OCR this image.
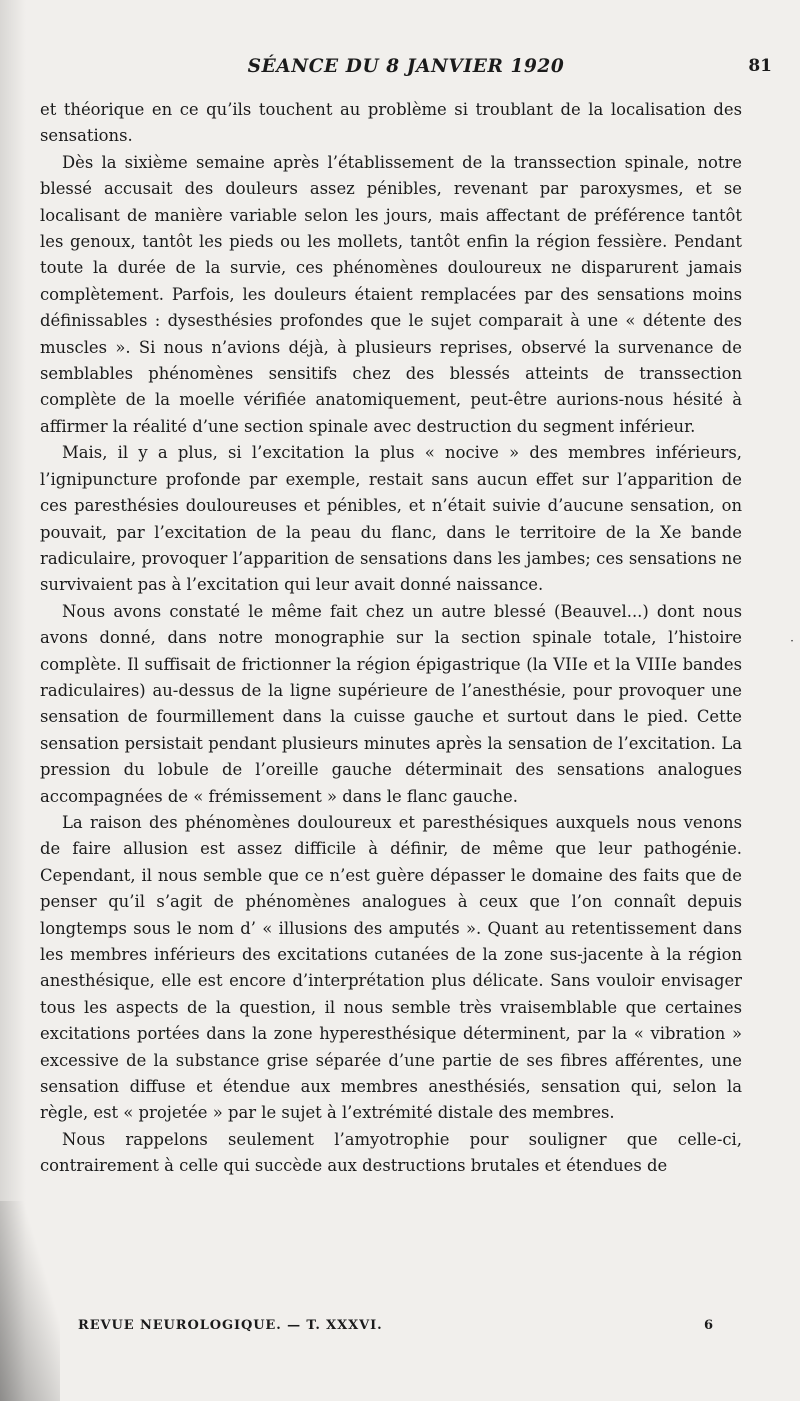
SÉANCE DU 8 JANVIER 1920	81

et théorique en ce qu’ils touchent au problème si troublant de la localisation des sensations.

Dès la sixième semaine après l’établissement de la transsection spinale, notre blessé accusait des douleurs assez pénibles, revenant par paroxysmes, et se localisant de manière variable selon les jours, mais affectant de préférence tantôt les genoux, tantôt les pieds ou les mollets, tantôt enfin la région fessière. Pendant toute la durée de la survie, ces phénomènes douloureux ne disparurent jamais complètement. Parfois, les douleurs étaient remplacées par des sensations moins définissables : dysesthésies profondes que le sujet comparait à une « détente des muscles ». Si nous n’avions déjà, à plusieurs reprises, observé la survenance de semblables phénomènes sensitifs chez des blessés atteints de transsection complète de la moelle vérifiée anatomiquement, peut-être aurions-nous hésité à affirmer la réalité d’une section spinale avec destruction du segment inférieur.

Mais, il y a plus, si l’excitation la plus « nocive » des membres inférieurs, l’ignipuncture profonde par exemple, restait sans aucun effet sur l’apparition de ces paresthésies douloureuses et pénibles, et n’était suivie d’aucune sensation, on pouvait, par l’excitation de la peau du flanc, dans le territoire de la Xe bande radiculaire, provoquer l’apparition de sensations dans les jambes; ces sensations ne survivaient pas à l’excitation qui leur avait donné naissance.

Nous avons constaté le même fait chez un autre blessé (Beauvel...) dont nous avons donné, dans notre monographie sur la section spinale totale, l’histoire complète. Il suffisait de frictionner la région épigastrique (la VIIe et la VIIIe bandes radiculaires) au-dessus de la ligne supérieure de l’anesthésie, pour provoquer une sensation de fourmillement dans la cuisse gauche et surtout dans le pied. Cette sensation persistait pendant plusieurs minutes après la sensation de l’excitation. La pression du lobule de l’oreille gauche déterminait des sensations analogues accompagnées de « frémissement » dans le flanc gauche.

La raison des phénomènes douloureux et paresthésiques auxquels nous venons de faire allusion est assez difficile à définir, de même que leur pathogénie. Cependant, il nous semble que ce n’est guère dépasser le domaine des faits que de penser qu’il s’agit de phénomènes analogues à ceux que l’on connaît depuis longtemps sous le nom d’ « illusions des amputés ». Quant au retentissement dans les membres inférieurs des excitations cutanées de la zone sus-jacente à la région anesthésique, elle est encore d’interprétation plus délicate. Sans vouloir envisager tous les aspects de la question, il nous semble très vraisemblable que certaines excitations portées dans la zone hyperesthésique déterminent, par la « vibration » excessive de la substance grise séparée d’une partie de ses fibres afférentes, une sensation diffuse et étendue aux membres anesthésiés, sensation qui, selon la règle, est « projetée » par le sujet à l’extrémité distale des membres.

Nous rappelons seulement l’amyotrophie pour souligner que celle-ci, contrairement à celle qui succède aux destructions brutales et étendues de

REVUE NEUROLOGIQUE. — T. XXXVI.	6
·
